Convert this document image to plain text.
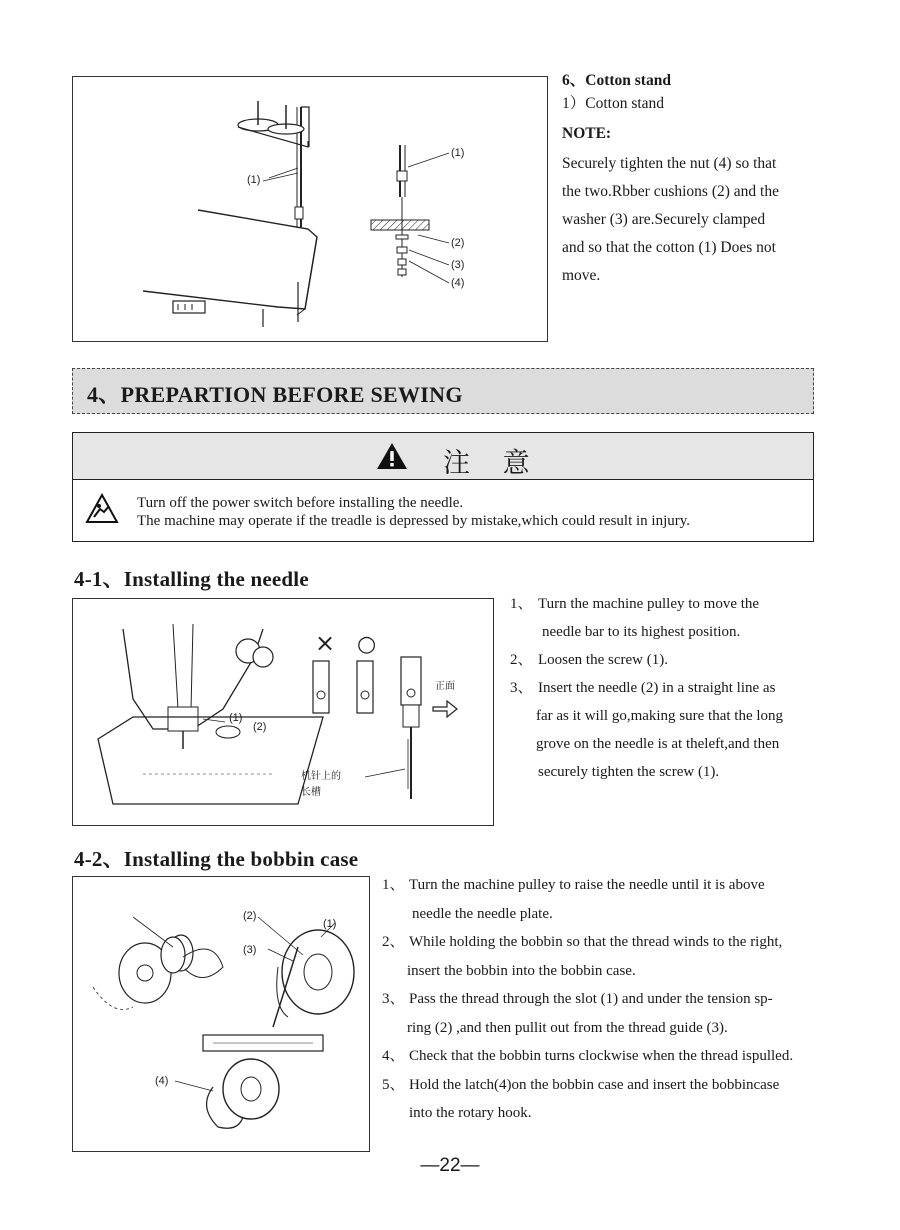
(1)
(1)
(2)
(3)
(4)
6、Cotton stand
1）Cotton stand
NOTE:
Securely tighten the nut (4) so that
the two.Rbber cushions (2) and the
washer (3) are.Securely clamped
and so that the cotton (1) Does not
move.
4、PREPARTION BEFORE SEWING
注 意
Turn off the power switch before installing the needle.
The machine may operate if the treadle is depressed by mistake,which could result in injury.
4-1、Installing the needle
(1)
(2)
× ○
正面
机针上的
长槽
1、 Turn the machine pulley to move the
needle bar to its highest position.
2、 Loosen the screw (1).
3、 Insert the needle (2) in a straight line as
far as it will go,making sure that the long
grove on the needle is at theleft,and then
securely tighten the screw (1).
4-2、Installing the bobbin case
(2)
(1)
(3)
(4)
1、 Turn the machine pulley to raise the needle until it is above
needle the needle plate.
2、 While holding the bobbin so that the thread winds to the right,
insert the bobbin into the bobbin case.
3、 Pass the thread through the slot (1) and under the tension sp-
ring (2) ,and then pullit out from the thread guide (3).
4、 Check that the bobbin turns clockwise when the thread ispulled.
5、 Hold the latch(4)on the bobbin case and insert the bobbincase
into the rotary hook.
—22—
